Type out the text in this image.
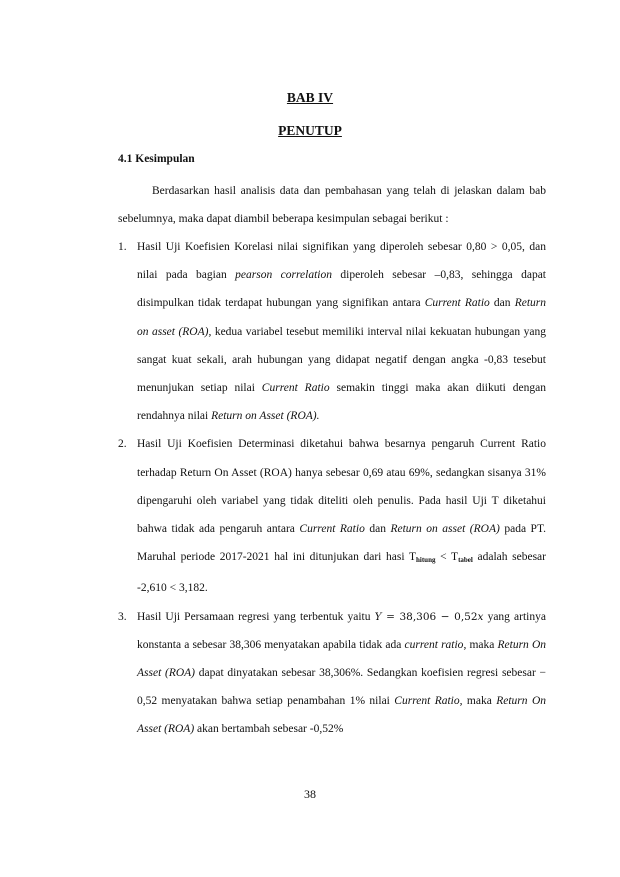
BAB IV

PENUTUP

4.1 Kesimpulan

Berdasarkan hasil analisis data dan pembahasan yang telah di jelaskan dalam bab sebelumnya, maka dapat diambil beberapa kesimpulan sebagai berikut :

1. Hasil Uji Koefisien Korelasi nilai signifikan yang diperoleh sebesar 0,80 > 0,05, dan nilai pada bagian pearson correlation diperoleh sebesar –0,83, sehingga dapat disimpulkan tidak terdapat hubungan yang signifikan antara Current Ratio dan Return on asset (ROA), kedua variabel tesebut memiliki interval nilai kekuatan hubungan yang sangat kuat sekali, arah hubungan yang didapat negatif dengan angka -0,83 tesebut menunjukan setiap nilai Current Ratio semakin tinggi maka akan diikuti dengan rendahnya nilai Return on Asset (ROA).
2. Hasil Uji Koefisien Determinasi diketahui bahwa besarnya pengaruh Current Ratio terhadap Return On Asset (ROA) hanya sebesar 0,69 atau 69%, sedangkan sisanya 31% dipengaruhi oleh variabel yang tidak diteliti oleh penulis. Pada hasil Uji T diketahui bahwa tidak ada pengaruh antara Current Ratio dan Return on asset (ROA) pada PT. Maruhal periode 2017-2021 hal ini ditunjukan dari hasi $T_{hitung} < T_{tabel}$ adalah sebesar -2,610 < 3,182.
3. Hasil Uji Persamaan regresi yang terbentuk yaitu Y = 38,306 − 0,52x yang artinya konstanta a sebesar 38,306 menyatakan apabila tidak ada current ratio, maka Return On Asset (ROA) dapat dinyatakan sebesar 38,306%. Sedangkan koefisien regresi sebesar − 0,52 menyatakan bahwa setiap penambahan 1% nilai Current Ratio, maka Return On Asset (ROA) akan bertambah sebesar -0,52%

38
